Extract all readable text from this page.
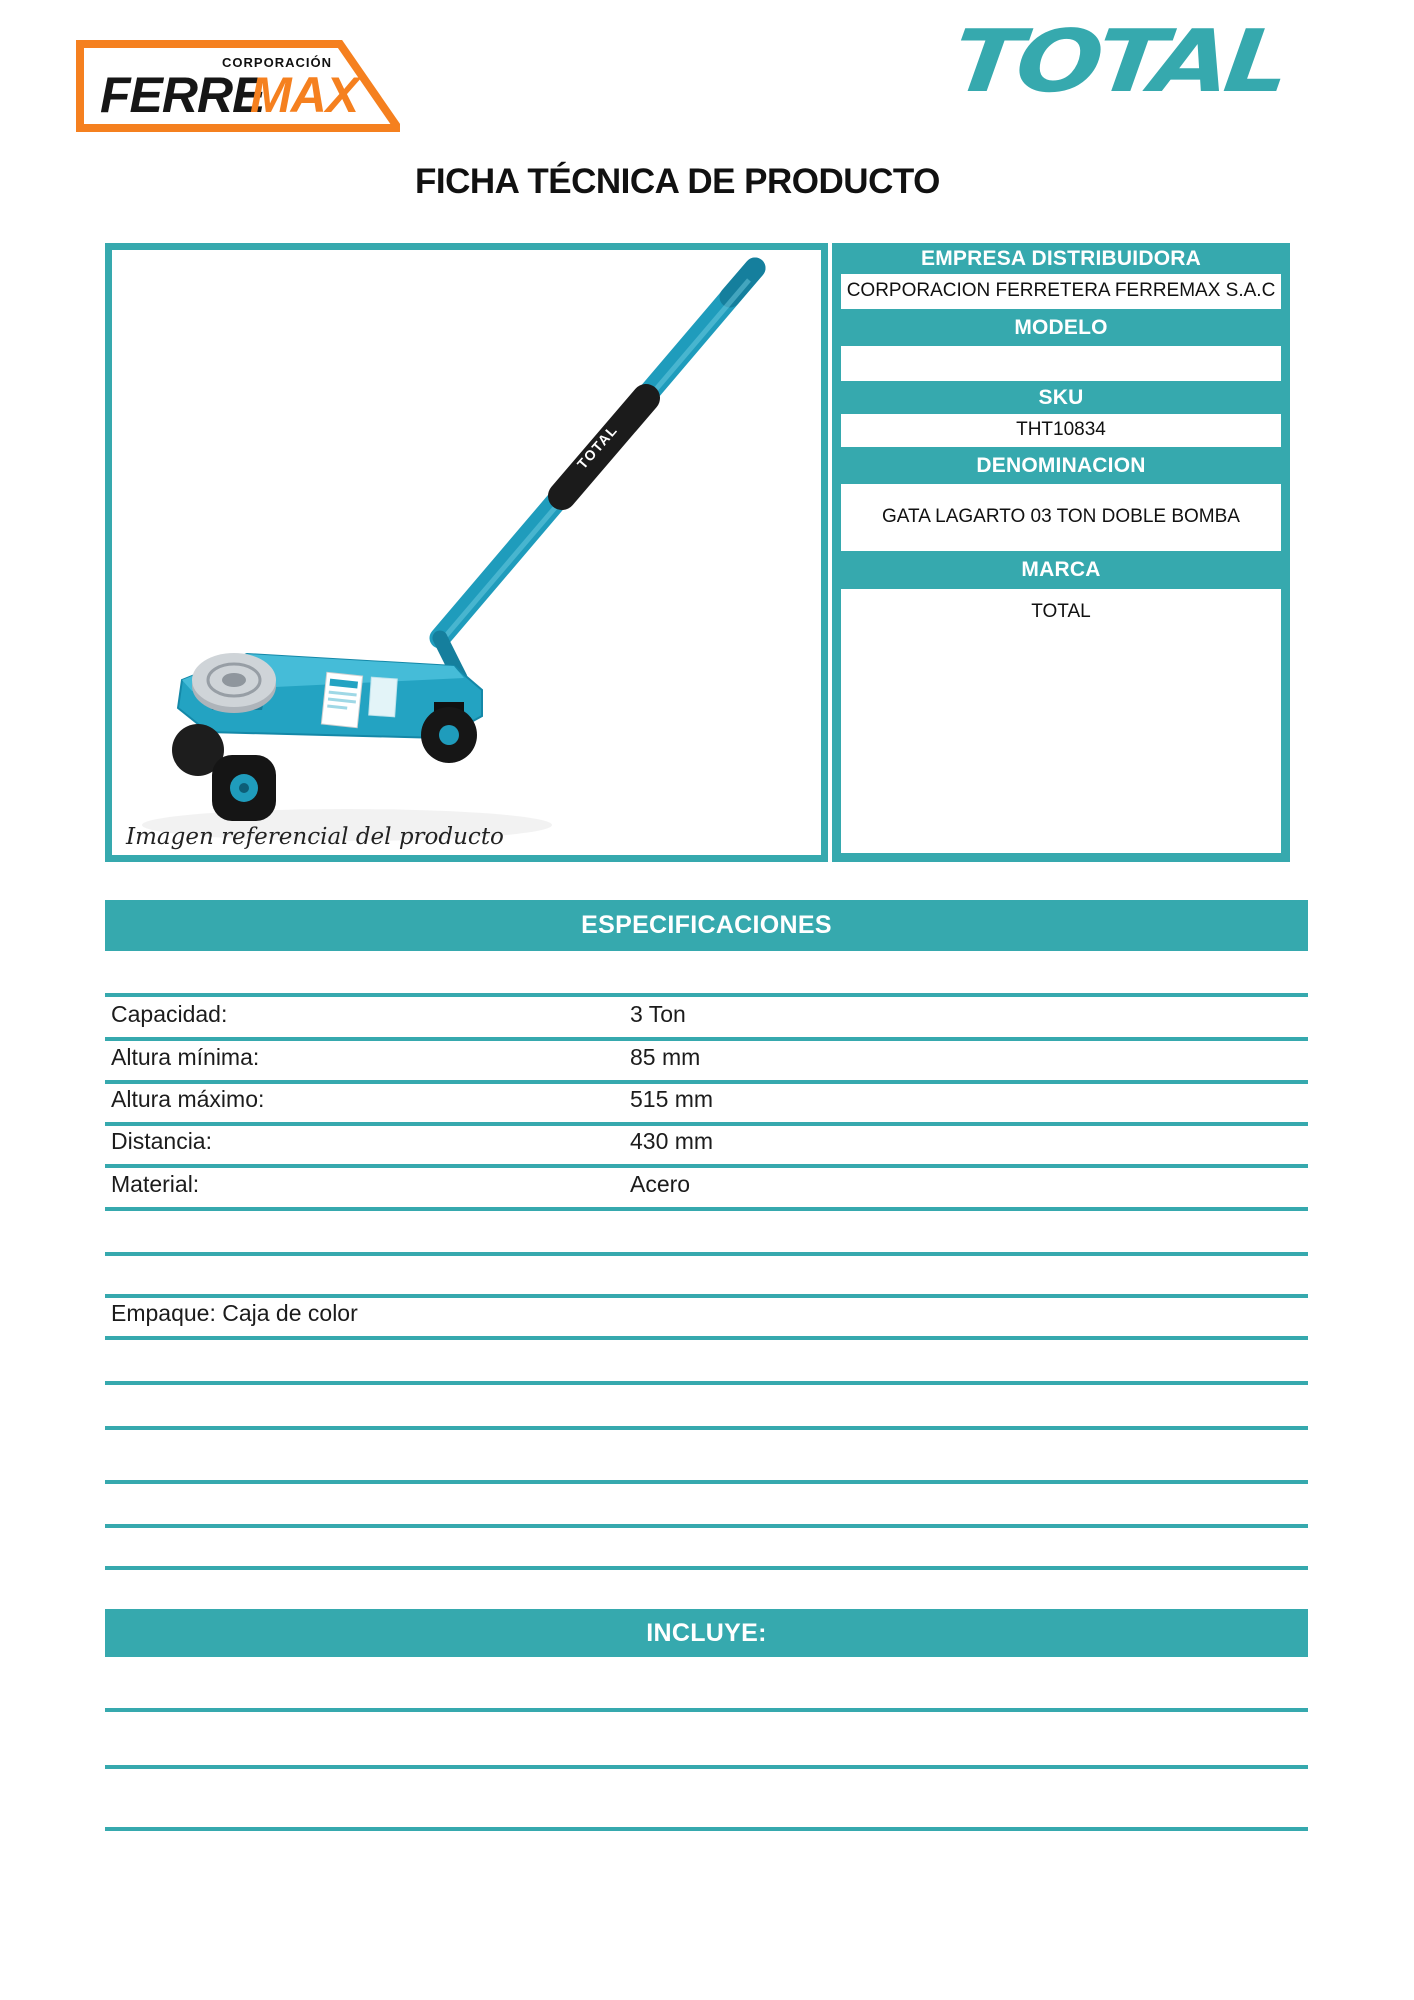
CORPORACIÓN
FERRE
MAX	TOTAL
FICHA TÉCNICA DE PRODUCTO
TOTAL
Imagen referencial del producto
EMPRESA DISTRIBUIDORA
CORPORACION FERRETERA FERREMAX S.A.C
MODELO
SKU
THT10834
DENOMINACION
GATA LAGARTO 03 TON DOBLE BOMBA
MARCA
TOTAL
ESPECIFICACIONES
Capacidad:	3 Ton
Altura mínima:	85 mm
Altura máximo:	515 mm
Distancia:	430 mm
Material:	Acero
Empaque: Caja de color
INCLUYE:
